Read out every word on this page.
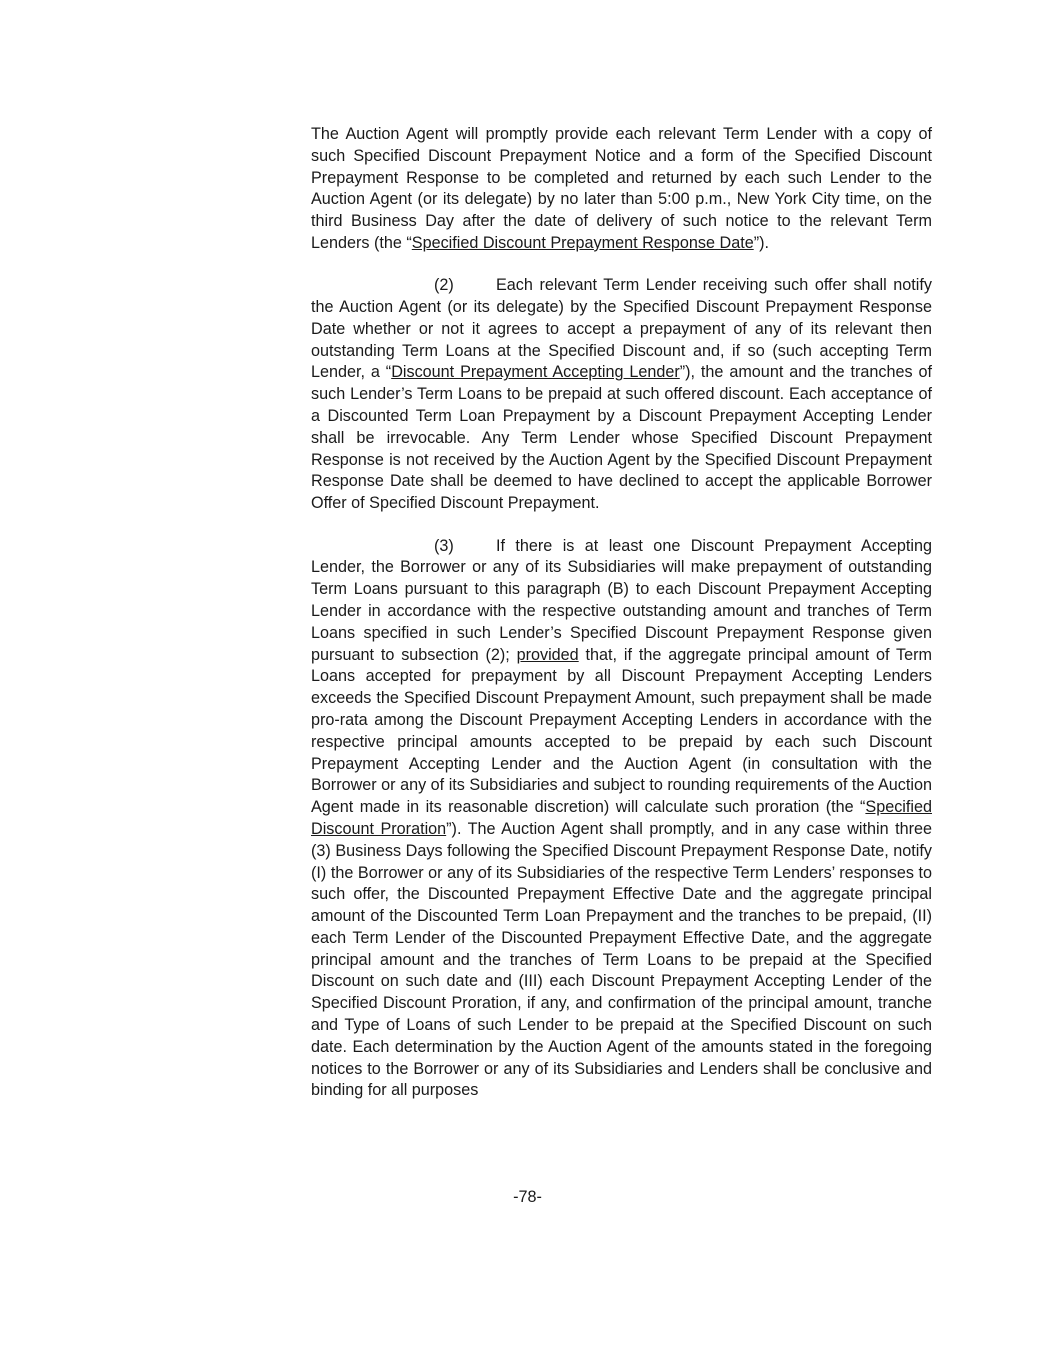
The Auction Agent will promptly provide each relevant Term Lender with a copy of such Specified Discount Prepayment Notice and a form of the Specified Discount Prepayment Response to be completed and returned by each such Lender to the Auction Agent (or its delegate) by no later than 5:00 p.m., New York City time, on the third Business Day after the date of delivery of such notice to the relevant Term Lenders (the “Specified Discount Prepayment Response Date”).

(2)	Each relevant Term Lender receiving such offer shall notify the Auction Agent (or its delegate) by the Specified Discount Prepayment Response Date whether or not it agrees to accept a prepayment of any of its relevant then outstanding Term Loans at the Specified Discount and, if so (such accepting Term Lender, a “Discount Prepayment Accepting Lender”), the amount and the tranches of such Lender’s Term Loans to be prepaid at such offered discount. Each acceptance of a Discounted Term Loan Prepayment by a Discount Prepayment Accepting Lender shall be irrevocable. Any Term Lender whose Specified Discount Prepayment Response is not received by the Auction Agent by the Specified Discount Prepayment Response Date shall be deemed to have declined to accept the applicable Borrower Offer of Specified Discount Prepayment.

(3)	If there is at least one Discount Prepayment Accepting Lender, the Borrower or any of its Subsidiaries will make prepayment of outstanding Term Loans pursuant to this paragraph (B) to each Discount Prepayment Accepting Lender in accordance with the respective outstanding amount and tranches of Term Loans specified in such Lender’s Specified Discount Prepayment Response given pursuant to subsection (2); provided that, if the aggregate principal amount of Term Loans accepted for prepayment by all Discount Prepayment Accepting Lenders exceeds the Specified Discount Prepayment Amount, such prepayment shall be made pro-rata among the Discount Prepayment Accepting Lenders in accordance with the respective principal amounts accepted to be prepaid by each such Discount Prepayment Accepting Lender and the Auction Agent (in consultation with the Borrower or any of its Subsidiaries and subject to rounding requirements of the Auction Agent made in its reasonable discretion) will calculate such proration (the “Specified Discount Proration”). The Auction Agent shall promptly, and in any case within three (3) Business Days following the Specified Discount Prepayment Response Date, notify (I) the Borrower or any of its Subsidiaries of the respective Term Lenders’ responses to such offer, the Discounted Prepayment Effective Date and the aggregate principal amount of the Discounted Term Loan Prepayment and the tranches to be prepaid, (II) each Term Lender of the Discounted Prepayment Effective Date, and the aggregate principal amount and the tranches of Term Loans to be prepaid at the Specified Discount on such date and (III) each Discount Prepayment Accepting Lender of the Specified Discount Proration, if any, and confirmation of the principal amount, tranche and Type of Loans of such Lender to be prepaid at the Specified Discount on such date. Each determination by the Auction Agent of the amounts stated in the foregoing notices to the Borrower or any of its Subsidiaries and Lenders shall be conclusive and binding for all purposes

-78-
